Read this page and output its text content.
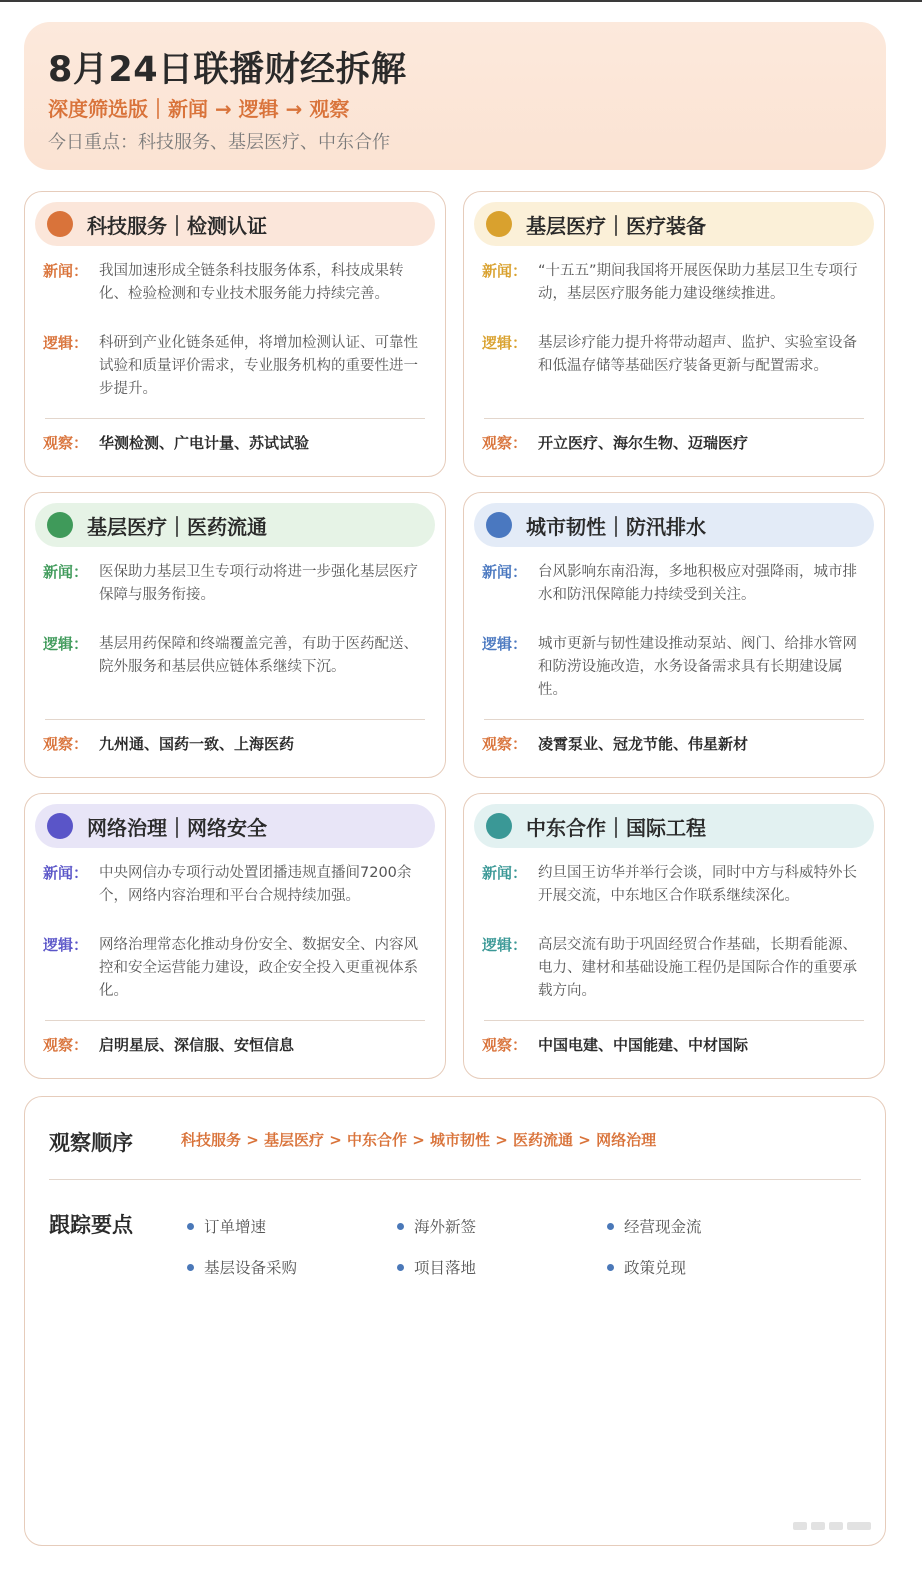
8月24日联播财经拆解
深度筛选版｜新闻 → 逻辑 → 观察
今日重点：科技服务、基层医疗、中东合作
科技服务｜检测认证
新闻： 我国加速形成全链条科技服务体系，科技成果转化、检验检测和专业技术服务能力持续完善。
逻辑： 科研到产业化链条延伸，将增加检测认证、可靠性试验和质量评价需求，专业服务机构的重要性进一步提升。
观察： 华测检测、广电计量、苏试试验
基层医疗｜医疗装备
新闻： “十五五”期间我国将开展医保助力基层卫生专项行动，基层医疗服务能力建设继续推进。
逻辑： 基层诊疗能力提升将带动超声、监护、实验室设备和低温存储等基础医疗装备更新与配置需求。
观察： 开立医疗、海尔生物、迈瑞医疗
基层医疗｜医药流通
新闻： 医保助力基层卫生专项行动将进一步强化基层医疗保障与服务衔接。
逻辑： 基层用药保障和终端覆盖完善，有助于医药配送、院外服务和基层供应链体系继续下沉。
观察： 九州通、国药一致、上海医药
城市韧性｜防汛排水
新闻： 台风影响东南沿海，多地积极应对强降雨，城市排水和防汛保障能力持续受到关注。
逻辑： 城市更新与韧性建设推动泵站、阀门、给排水管网和防涝设施改造，水务设备需求具有长期建设属性。
观察： 凌霄泵业、冠龙节能、伟星新材
网络治理｜网络安全
新闻： 中央网信办专项行动处置团播违规直播间7200余个，网络内容治理和平台合规持续加强。
逻辑： 网络治理常态化推动身份安全、数据安全、内容风控和安全运营能力建设，政企安全投入更重视体系化。
观察： 启明星辰、深信服、安恒信息
中东合作｜国际工程
新闻： 约旦国王访华并举行会谈，同时中方与科威特外长开展交流，中东地区合作联系继续深化。
逻辑： 高层交流有助于巩固经贸合作基础，长期看能源、电力、建材和基础设施工程仍是国际合作的重要承载方向。
观察： 中国电建、中国能建、中材国际
观察顺序	科技服务 > 基层医疗 > 中东合作 > 城市韧性 > 医药流通 > 网络治理
跟踪要点	订单增速	海外新签	经营现金流
基层设备采购	项目落地	政策兑现
